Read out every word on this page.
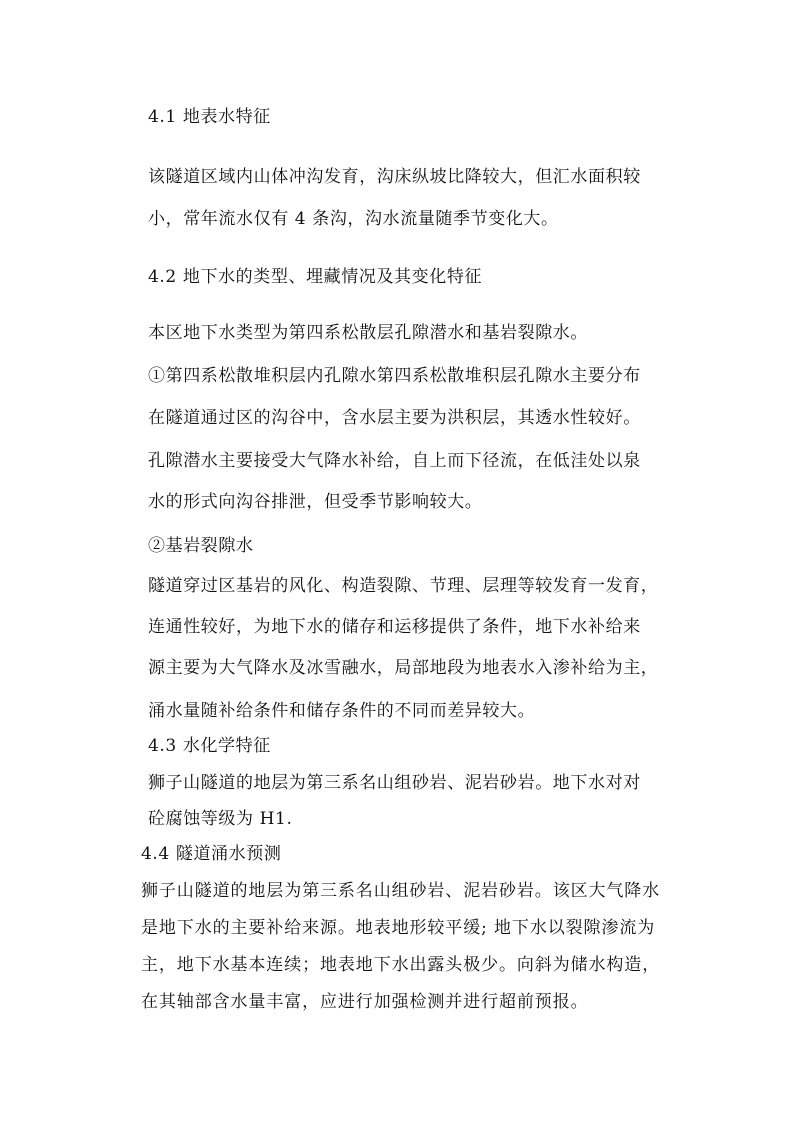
4.1 地表水特征
该隧道区域内山体冲沟发育，沟床纵坡比降较大，但汇水面积较
小，常年流水仅有 4 条沟，沟水流量随季节变化大。
4.2 地下水的类型、埋藏情况及其变化特征
本区地下水类型为第四系松散层孔隙潜水和基岩裂隙水。
①第四系松散堆积层内孔隙水第四系松散堆积层孔隙水主要分布
在隧道通过区的沟谷中，含水层主要为洪积层，其透水性较好。
孔隙潜水主要接受大气降水补给，自上而下径流，在低洼处以泉
水的形式向沟谷排泄，但受季节影响较大。
②基岩裂隙水
隧道穿过区基岩的风化、构造裂隙、节理、层理等较发育一发育，
连通性较好，为地下水的储存和运移提供了条件，地下水补给来
源主要为大气降水及冰雪融水，局部地段为地表水入渗补给为主，
涌水量随补给条件和储存条件的不同而差异较大。
4.3 水化学特征
狮子山隧道的地层为第三系名山组砂岩、泥岩砂岩。地下水对对
砼腐蚀等级为 H1.
4.4 隧道涌水预测
狮子山隧道的地层为第三系名山组砂岩、泥岩砂岩。该区大气降水
是地下水的主要补给来源。地表地形较平缓; 地下水以裂隙渗流为
主，地下水基本连续；地表地下水出露头极少。向斜为储水构造，
在其轴部含水量丰富，应进行加强检测并进行超前预报。
